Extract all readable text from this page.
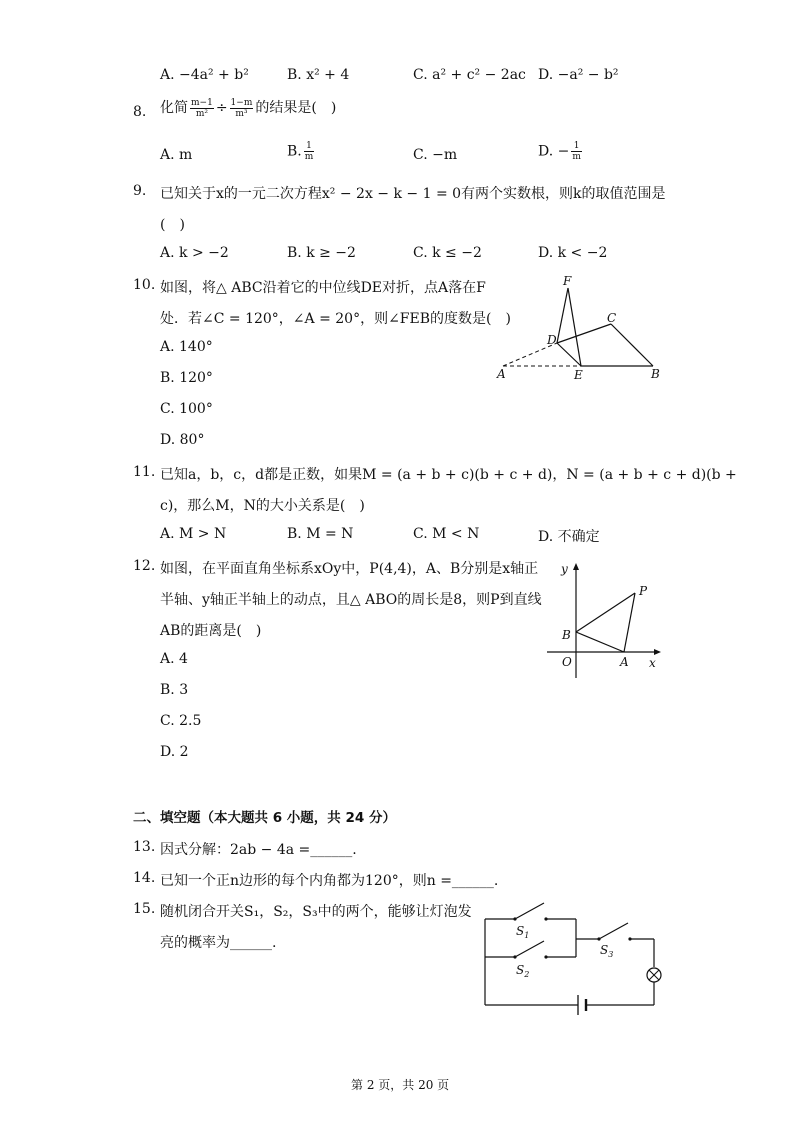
A. −4a² + b²	B. x² + 4	C. a² + c² − 2ac D. −a² − b²
8. 化简 $\frac{m-1}{\text{m²}} \div \frac{1-m}{\text{m³}}$ 的结果是(　)
A. m	B. $\frac{1}{m}$	C. −m	D. − $\frac{1}{m}$
9. 已知关于x的一元二次方程x² − 2x − k − 1 = 0有两个实数根，则k的取值范围是
(　)
A. k > −2	B. k ≥ −2	C. k ≤ −2	D. k < −2
10. 如图，将△ ABC沿着它的中位线DE对折，点A落在F
处．若∠C = 120°，∠A = 20°，则∠FEB的度数是(　)
A. 140°
B. 120°
C. 100°
D. 80°
F
C
D
A	E	B
11. 已知a，b，c，d都是正数，如果M = (a + b + c)(b + c + d)，N = (a + b + c + d)(b +
c)，那么M，N的大小关系是(　)
A. M > N	B. M = N	C. M < N	D. 不确定
12. 如图，在平面直角坐标系xOy中，P(4,4)，A、B分别是x轴正
半轴、y轴正半轴上的动点，且△ ABO的周长是8，则P到直线
AB的距离是(　)
A. 4
B. 3
C. 2.5
D. 2
y
x
O	A
B
P
二、填空题（本大题共 6 小题，共 24 分）
13. 因式分解：2ab − 4a =______.
14. 已知一个正n边形的每个内角都为120°，则n =______.
15. 随机闭合开关S₁，S₂，S₃中的两个，能够让灯泡发
亮的概率为______.
$S_1$
$S_2$
$S_3$
第 2 页，共 20 页
